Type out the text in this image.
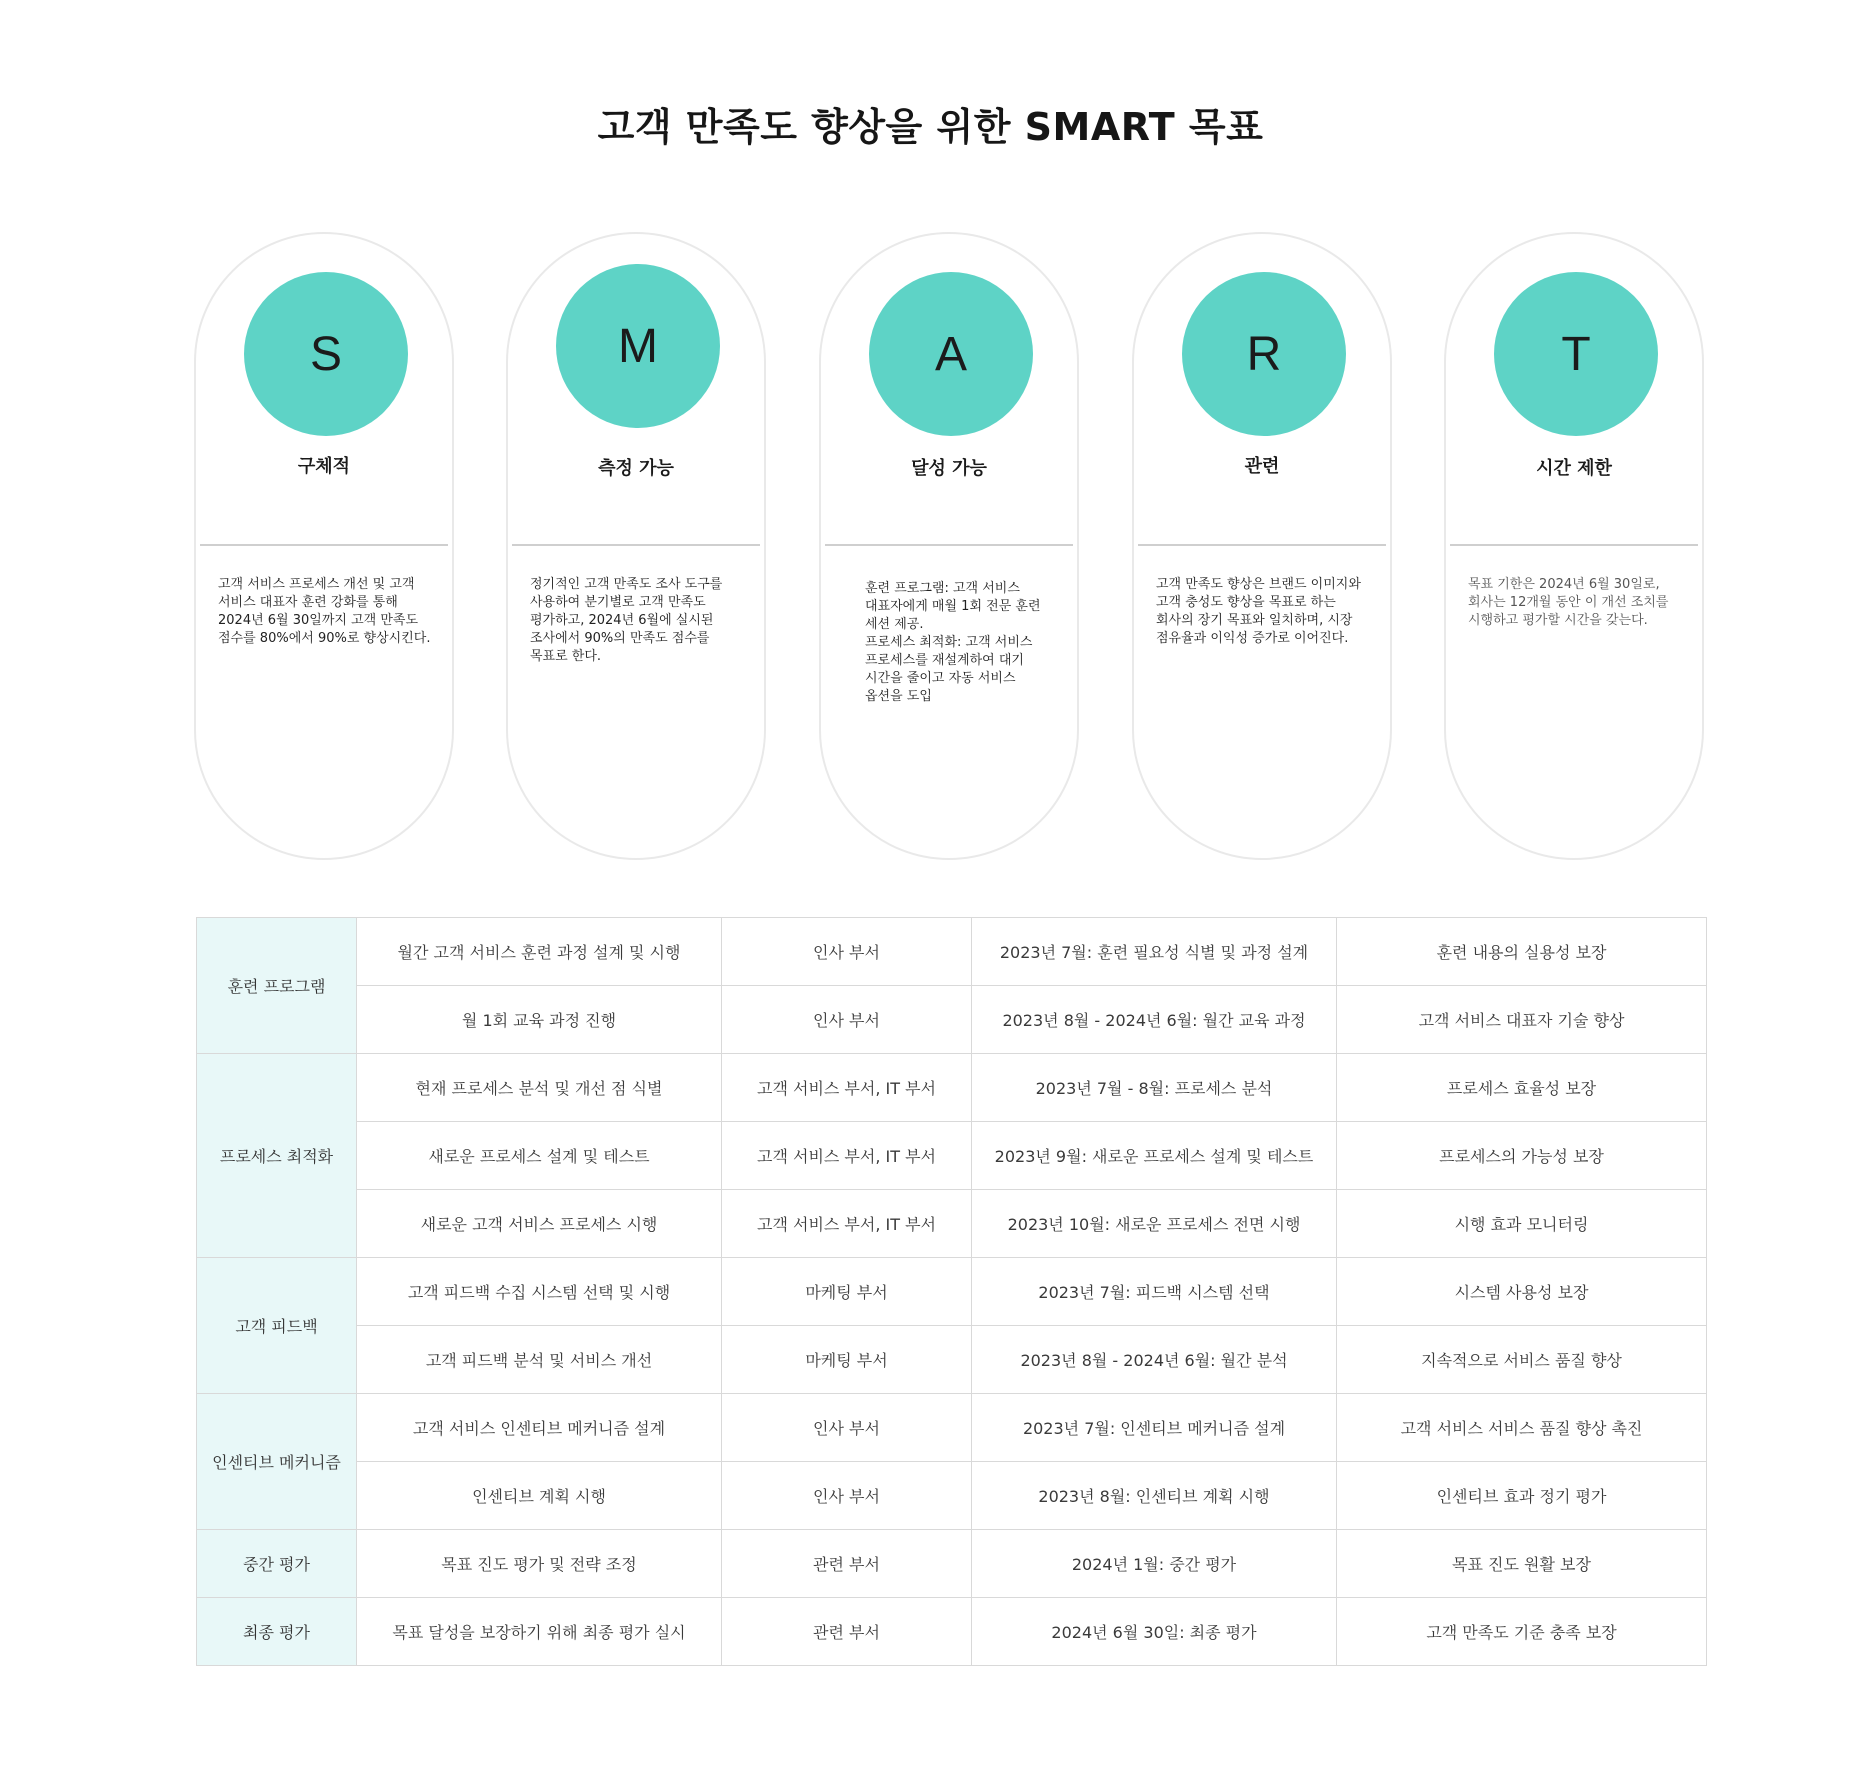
고객 만족도 향상을 위한 SMART 목표
S
구체적
고객 서비스 프로세스 개선 및 고객 서비스 대표자 훈련 강화를 통해 2024년 6월 30일까지 고객 만족도 점수를 80%에서 90%로 향상시킨다.
M
측정 가능
정기적인 고객 만족도 조사 도구를 사용하여 분기별로 고객 만족도 평가하고, 2024년 6월에 실시된 조사에서 90%의 만족도 점수를 목표로 한다.
A
달성 가능
훈련 프로그램: 고객 서비스 대표자에게 매월 1회 전문 훈련 세션 제공.
프로세스 최적화: 고객 서비스 프로세스를 재설계하여 대기 시간을 줄이고 자동 서비스 옵션을 도입
R
관련
고객 만족도 향상은 브랜드 이미지와 고객 충성도 향상을 목표로 하는 회사의 장기 목표와 일치하며, 시장 점유율과 이익성 증가로 이어진다.
T
시간 제한
목표 기한은 2024년 6월 30일로, 회사는 12개월 동안 이 개선 조치를 시행하고 평가할 시간을 갖는다.
훈련 프로그램	월간 고객 서비스 훈련 과정 설계 및 시행	인사 부서	2023년 7월: 훈련 필요성 식별 및 과정 설계	훈련 내용의 실용성 보장
	월 1회 교육 과정 진행	인사 부서	2023년 8월 - 2024년 6월: 월간 교육 과정	고객 서비스 대표자 기술 향상
프로세스 최적화	현재 프로세스 분석 및 개선 점 식별	고객 서비스 부서, IT 부서	2023년 7월 - 8월: 프로세스 분석	프로세스 효율성 보장
	새로운 프로세스 설계 및 테스트	고객 서비스 부서, IT 부서	2023년 9월: 새로운 프로세스 설계 및 테스트	프로세스의 가능성 보장
	새로운 고객 서비스 프로세스 시행	고객 서비스 부서, IT 부서	2023년 10월: 새로운 프로세스 전면 시행	시행 효과 모니터링
고객 피드백	고객 피드백 수집 시스템 선택 및 시행	마케팅 부서	2023년 7월: 피드백 시스템 선택	시스템 사용성 보장
	고객 피드백 분석 및 서비스 개선	마케팅 부서	2023년 8월 - 2024년 6월: 월간 분석	지속적으로 서비스 품질 향상
인센티브 메커니즘	고객 서비스 인센티브 메커니즘 설계	인사 부서	2023년 7월: 인센티브 메커니즘 설계	고객 서비스 서비스 품질 향상 촉진
	인센티브 계획 시행	인사 부서	2023년 8월: 인센티브 계획 시행	인센티브 효과 정기 평가
중간 평가	목표 진도 평가 및 전략 조정	관련 부서	2024년 1월: 중간 평가	목표 진도 원활 보장
최종 평가	목표 달성을 보장하기 위해 최종 평가 실시	관련 부서	2024년 6월 30일: 최종 평가	고객 만족도 기준 충족 보장
